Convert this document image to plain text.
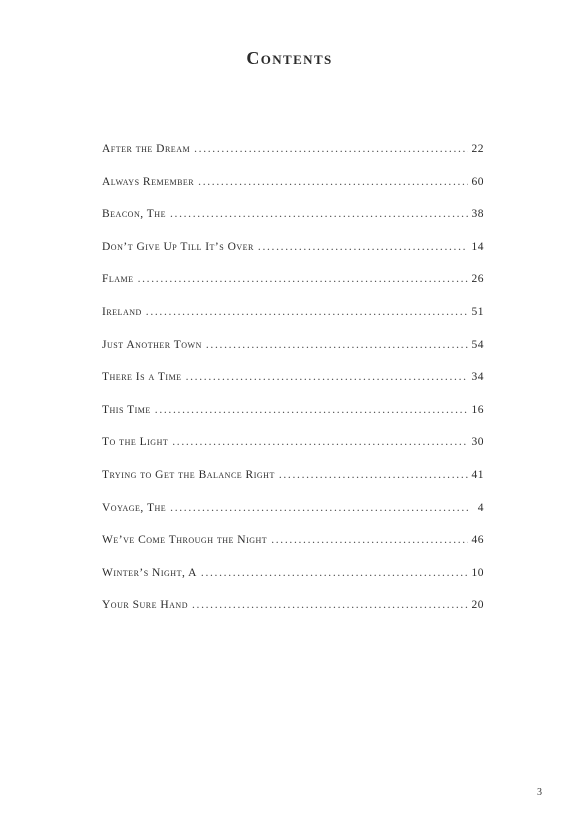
Contents
After the Dream . . .	22
Always Remember . . .	60
Beacon, The . . .	38
Don’t Give Up Till It’s Over . . .	14
Flame . . .	26
Ireland . . .	51
Just Another Town . . .	54
There Is a Time . . .	34
This Time . . .	16
To the Light . . .	30
Trying to Get the Balance Right . . .	41
Voyage, The . . .	4
We’ve Come Through the Night . . .	46
Winter’s Night, A . . .	10
Your Sure Hand . . .	20
3
